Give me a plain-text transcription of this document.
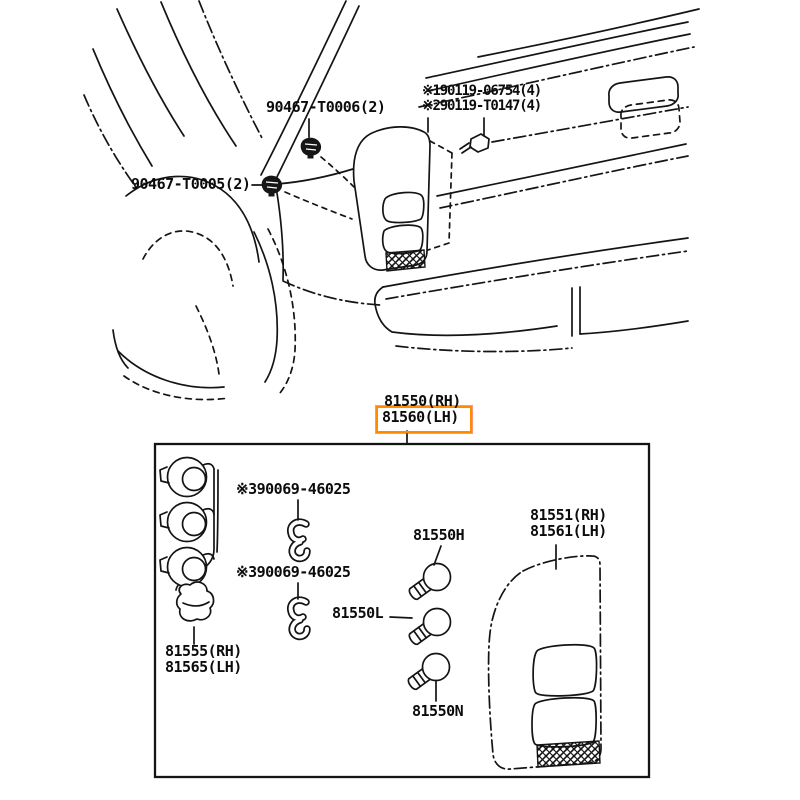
90467-T0006(2)
90467-T0005(2)
※190119-06754(4)
※290119-T0147(4)
81550(RH)
81560(LH)
※390069-46025
※390069-46025
81550H
81550L
81550N
81551(RH)
81561(LH)
81555(RH)
81565(LH)
